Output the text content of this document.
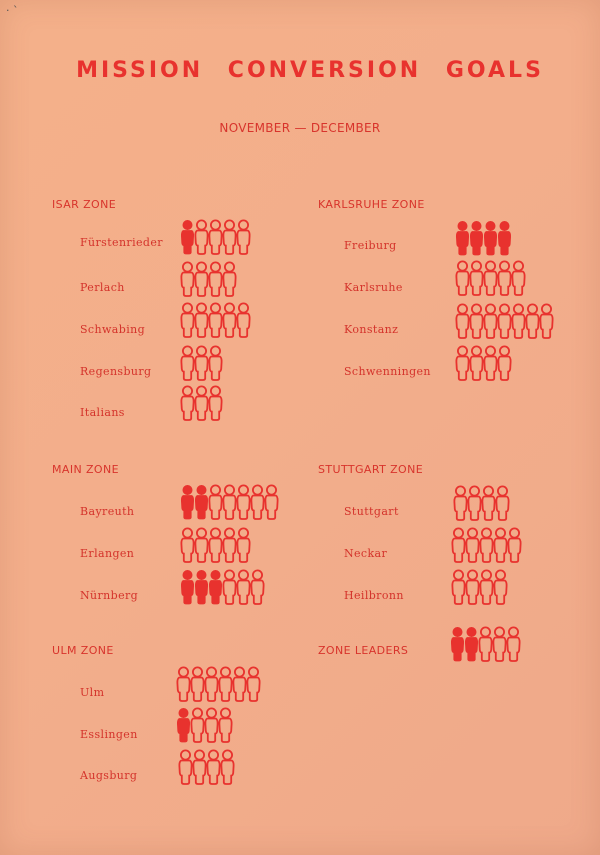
· `
MISSION CONVERSION GOALS
NOVEMBER — DECEMBER
ISAR ZONE
Fürstenrieder
Perlach
Schwabing
Regensburg
Italians
KARLSRUHE ZONE
Freiburg
Karlsruhe
Konstanz
Schwenningen
MAIN ZONE
Bayreuth
Erlangen
Nürnberg
STUTTGART ZONE
Stuttgart
Neckar
Heilbronn
ULM ZONE
Ulm
Esslingen
Augsburg
ZONE LEADERS
